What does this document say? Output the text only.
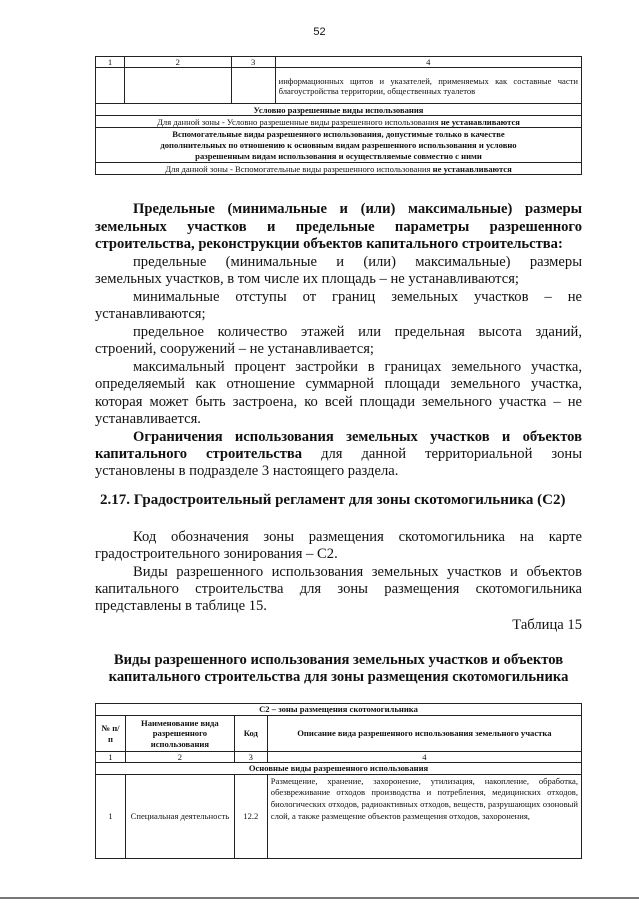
52
1	2	3	4
			информационных щитов и указателей, применяемых как составные части благоустройства территории, общественных туалетов
Условно разрешенные виды использования			
Для данной зоны - Условно разрешенные виды разрешенного использования не устанавливаются			

Вспомогательные виды разрешенного использования, допустимые только в качестве
дополнительных по отношению к основным видам разрешенного использования и условно
разрешенным видам использования и осуществляемые совместно с ними			

Для данной зоны - Вспомогательные виды разрешенного использования не устанавливаются			
Предельные (минимальные и (или) максимальные) размеры
земельных участков и предельные параметры разрешенного
строительства, реконструкции объектов капитального строительства:
предельные (минимальные и (или) максимальные) размеры
земельных участков, в том числе их площадь – не устанавливаются;
минимальные отступы от границ земельных участков – не
устанавливаются;
предельное количество этажей или предельная высота зданий,
строений, сооружений – не устанавливается;
максимальный процент застройки в границах земельного участка,
определяемый как отношение суммарной площади земельного участка,
которая может быть застроена, ко всей площади земельного участка – не
устанавливается.
Ограничения использования земельных участков и объектов
капитального строительства для данной территориальной зоны
установлены в подразделе 3 настоящего раздела.
2.17. Градостроительный регламент для зоны скотомогильника (С2)
Код обозначения зоны размещения скотомогильника на карте
градостроительного зонирования – С2.
Виды разрешенного использования земельных участков и объектов
капитального строительства для зоны размещения скотомогильника
представлены в таблице 15.
Таблица 15
Виды разрешенного использования земельных участков и объектов
капитального строительства для зоны размещения скотомогильника
С2 – зоны размещения скотомогильника			
№ п/п	Наименование вида разрешенного использования	Код	Описание вида разрешенного использования земельного участка
1	2	3	4
Основные виды разрешенного использования			
1	Специальная деятельность	12.2	Размещение, хранение, захоронение, утилизация, накопление, обработка, обезвреживание отходов производства и потребления, медицинских отходов, биологических отходов, радиоактивных отходов, веществ, разрушающих озоновый слой, а также размещение объектов размещения отходов, захоронения,
